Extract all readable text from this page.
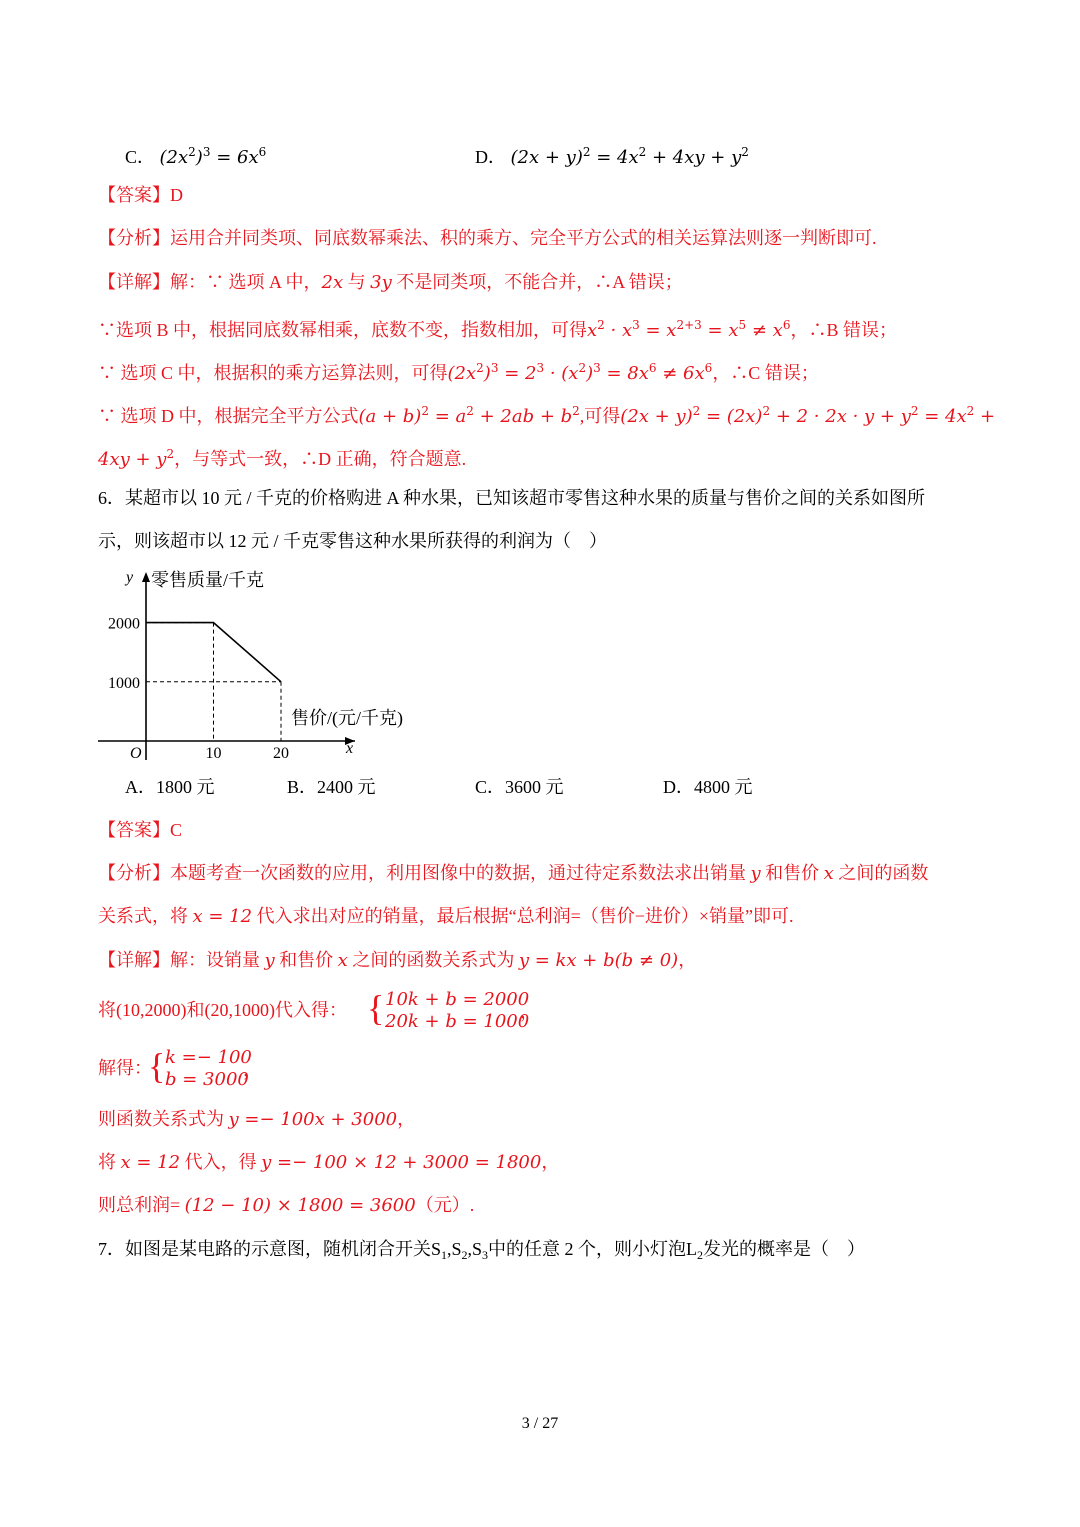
C． $(2x^2)^3 = 6x^6$	D． $(2x + y)^2 = 4x^2 + 4xy + y^2$
【答案】D
【分析】运用合并同类项、同底数幂乘法、积的乘方、完全平方公式的相关运算法则逐一判断即可.
【详解】解：∵ 选项 A 中，2x 与 3y 不是同类项，不能合并，∴A 错误；
∵选项 B 中，根据同底数幂相乘，底数不变，指数相加，可得$x^2 \cdot x^3 = x^{2+3} = x^5 \ne x^6$，∴B 错误；
∵ 选项 C 中，根据积的乘方运算法则，可得$(2x^2)^3 = 2^3 \cdot (x^2)^3 = 8x^6 \ne 6x^6$，∴C 错误；
∵ 选项 D 中，根据完全平方公式$(a + b)^2 = a^2 + 2ab + b^2$,可得$(2x + y)^2 = (2x)^2 + 2 \cdot 2x \cdot y + y^2 = 4x^2$ +
$4xy + y^2$，与等式一致，∴D 正确，符合题意.
6．某超市以 10 元 / 千克的价格购进 A 种水果，已知该超市零售这种水果的质量与售价之间的关系如图所
示，则该超市以 12 元 / 千克零售这种水果所获得的利润为（　）
10	20
2000
1000
O	x
y 零售质量/千克
售价/(元/千克)
A．1800 元	B．2400 元	C．3600 元	D．4800 元
【答案】C
【分析】本题考查一次函数的应用，利用图像中的数据，通过待定系数法求出销量 y 和售价 x 之间的函数
关系式，将 x = 12 代入求出对应的销量，最后根据“总利润=（售价−进价）×销量”即可.
【详解】解：设销量 y 和售价 x 之间的函数关系式为 y = kx + b(b ≠ 0)，
将(10,2000)和(20,1000)代入得： { 10k + b = 2000
20k + b = 1000
，
解得：
{ k =− 100
b = 3000
，
则函数关系式为 y =− 100x + 3000，
将 x = 12 代入，得 y =− 100 × 12 + 3000 = 1800，
则总利润= (12 − 10) × 1800 = 3600（元）.
7．如图是某电路的示意图，随机闭合开关$S_1,S_2,S_3$中的任意 2 个，则小灯泡$L_2$发光的概率是（　）
3 / 27
